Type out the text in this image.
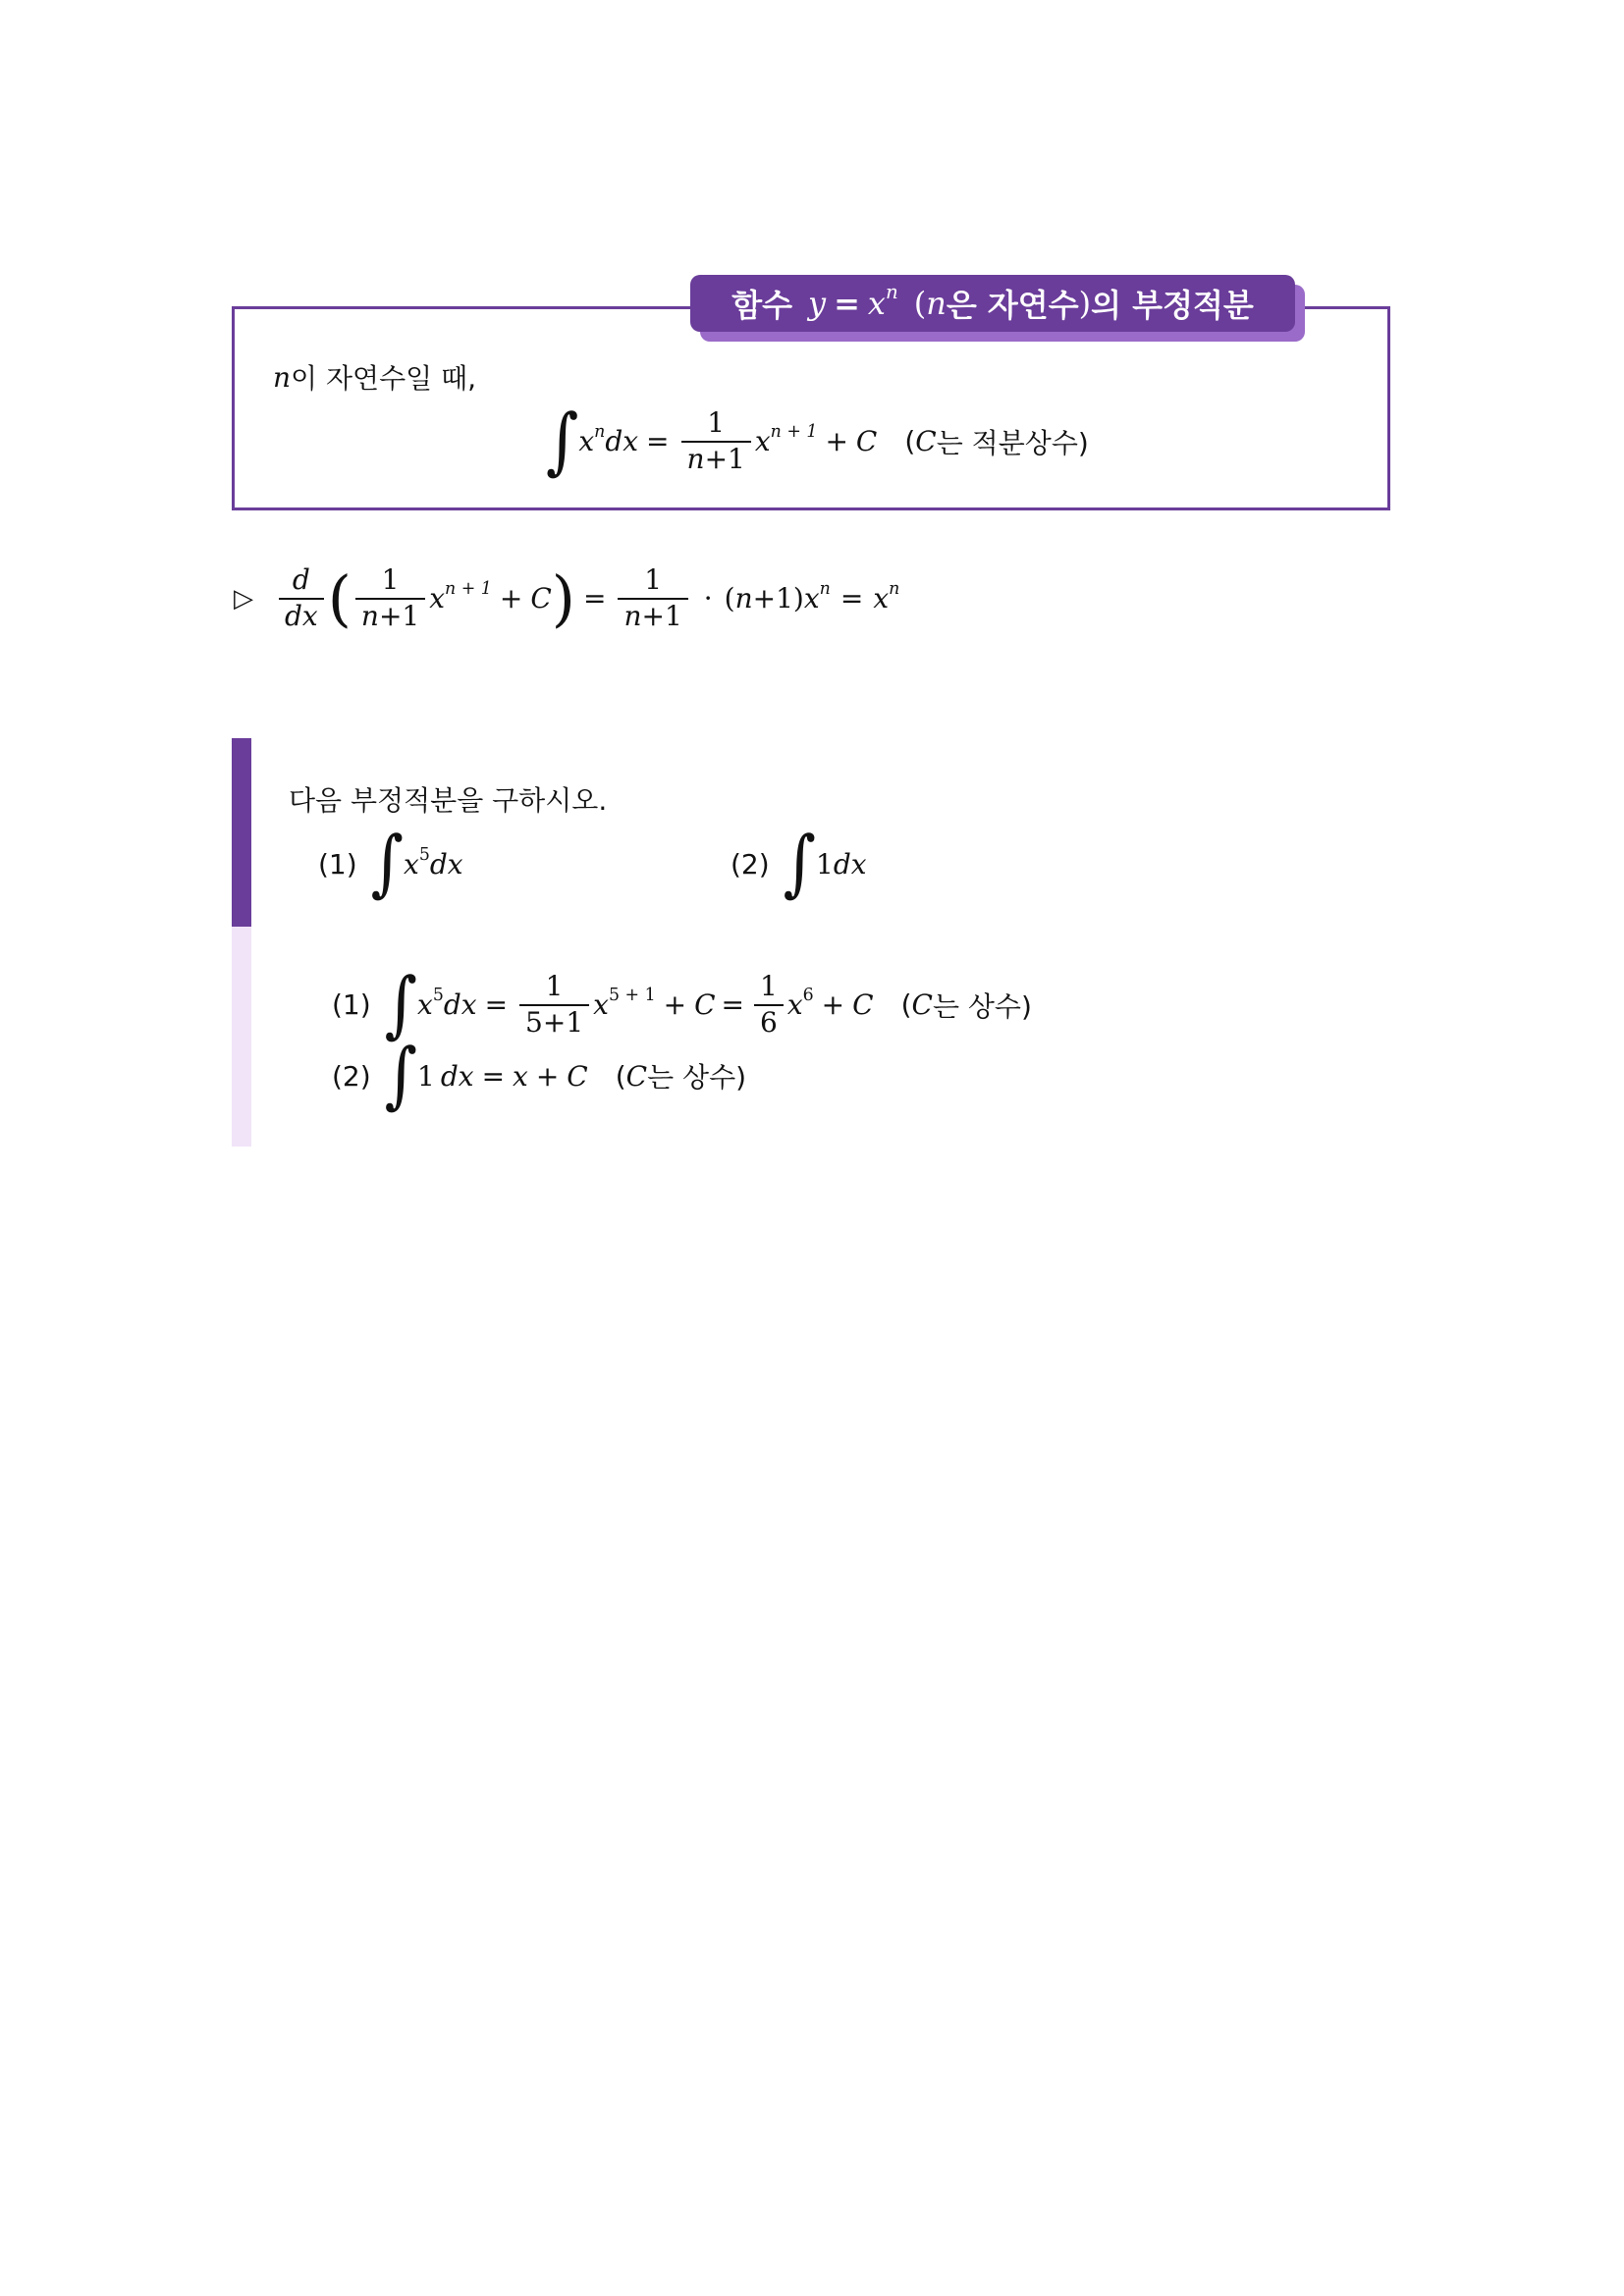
함수 $y = x^n$ ( n 은 자연수 ) 의 부정적분
n 이 자연수일 때,
∫ $x^ndx = \frac{1}{n+1} x^{n + 1} + C$ ( C 는 적분상수)
▷ $\frac{d}{dx}$ ( $\frac{1}{n+1} x^{n + 1} + C$ ) = $\frac{1}{n+1}$ · ( n +1) $x^n = x^n$
다음 부정적분을 구하시오.
(1) ∫ $x^5dx$	(2) ∫ 1 dx
(1) ∫ $x^5dx = \frac{1}{5+1} x^{5 + 1} + C = \frac{1}{6} x^6 + C$ ( C 는 상수)
(2) ∫ 1 dx = x + C ( C 는 상수)
